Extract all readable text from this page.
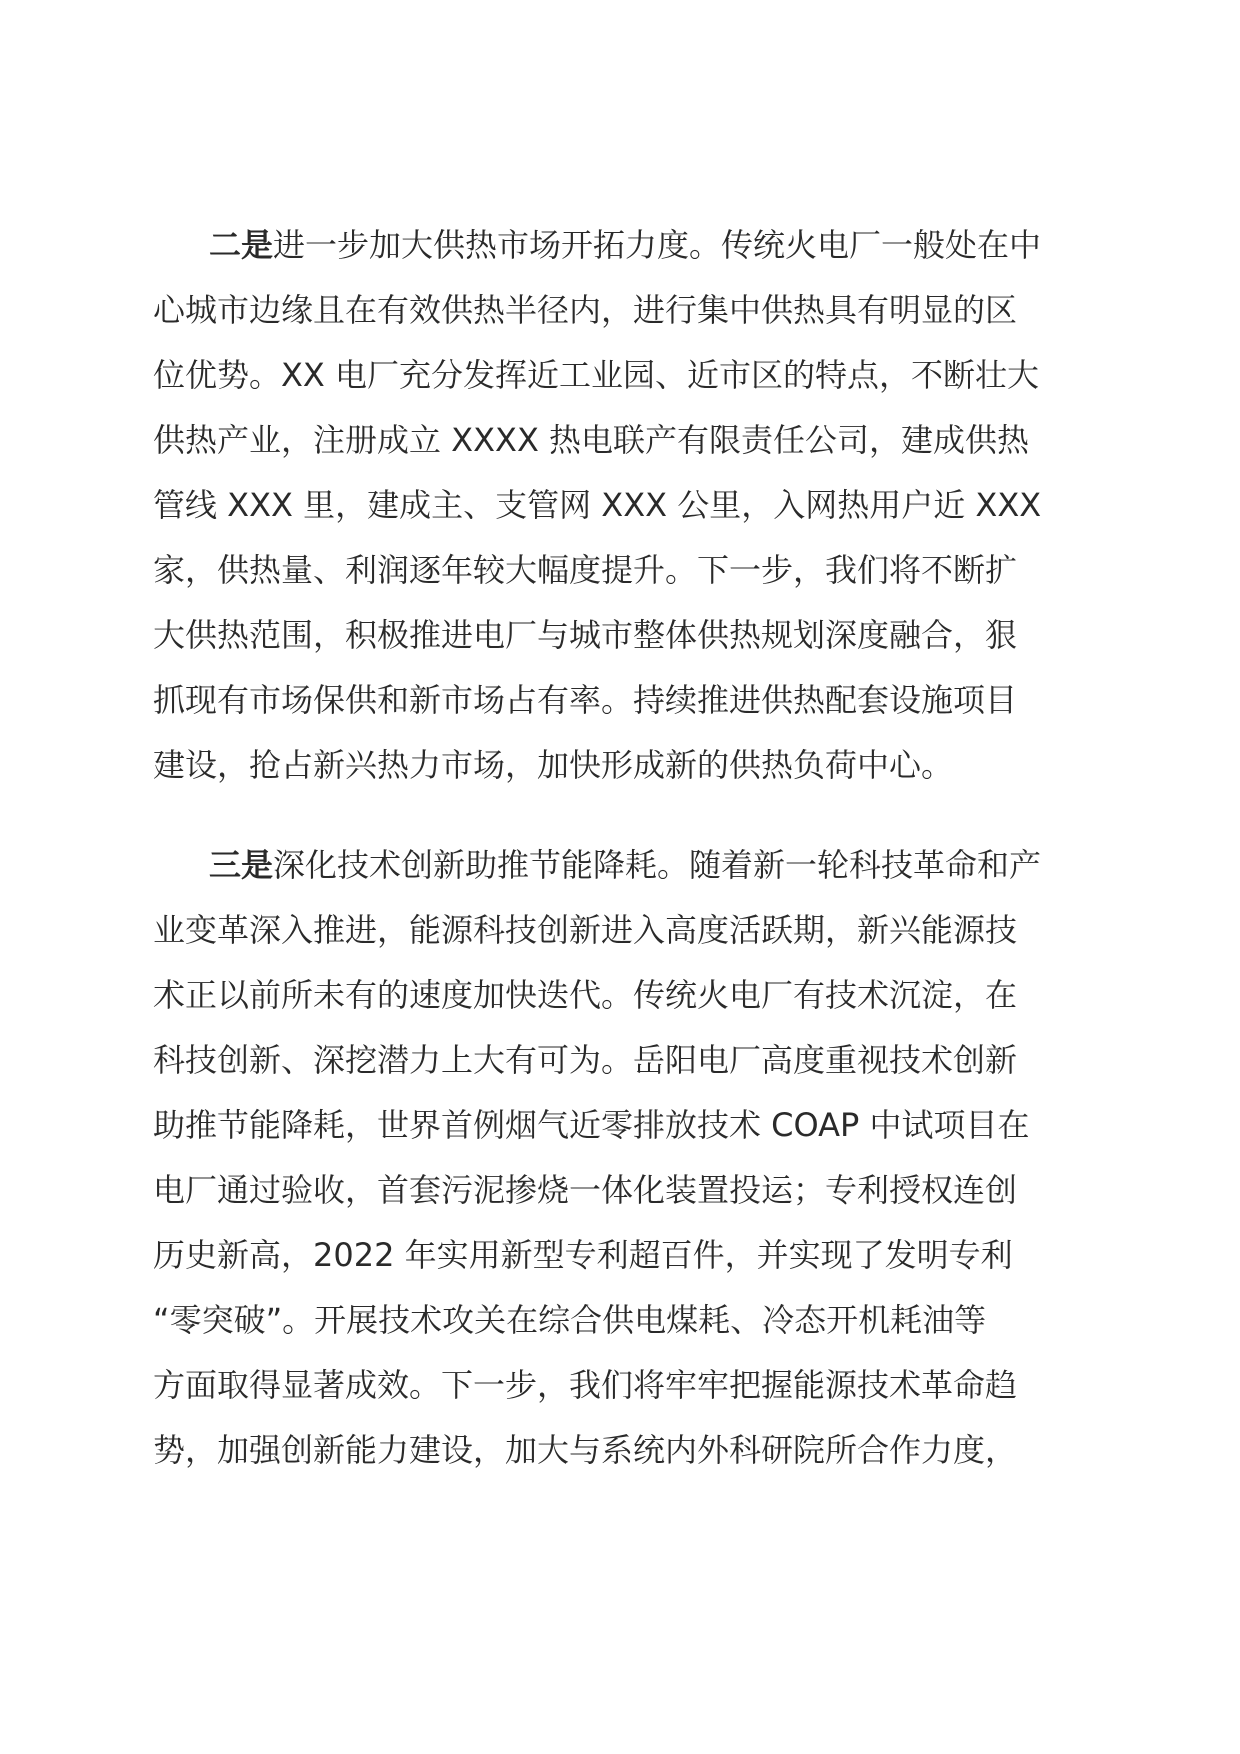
二是进一步加大供热市场开拓力度。传统火电厂一般处在中
心城市边缘且在有效供热半径内，进行集中供热具有明显的区
位优势。XX 电厂充分发挥近工业园、近市区的特点，不断壮大
供热产业，注册成立 XXXX 热电联产有限责任公司，建成供热
管线 XXX 里，建成主、支管网 XXX 公里，入网热用户近 XXX
家，供热量、利润逐年较大幅度提升。下一步，我们将不断扩
大供热范围，积极推进电厂与城市整体供热规划深度融合，狠
抓现有市场保供和新市场占有率。持续推进供热配套设施项目
建设，抢占新兴热力市场，加快形成新的供热负荷中心。
三是深化技术创新助推节能降耗。随着新一轮科技革命和产
业变革深入推进，能源科技创新进入高度活跃期，新兴能源技
术正以前所未有的速度加快迭代。传统火电厂有技术沉淀，在
科技创新、深挖潜力上大有可为。岳阳电厂高度重视技术创新
助推节能降耗，世界首例烟气近零排放技术 COAP 中试项目在
电厂通过验收，首套污泥掺烧一体化装置投运；专利授权连创
历史新高，2022 年实用新型专利超百件，并实现了发明专利
“零突破”。开展技术攻关在综合供电煤耗、冷态开机耗油等
方面取得显著成效。下一步，我们将牢牢把握能源技术革命趋
势，加强创新能力建设，加大与系统内外科研院所合作力度，
